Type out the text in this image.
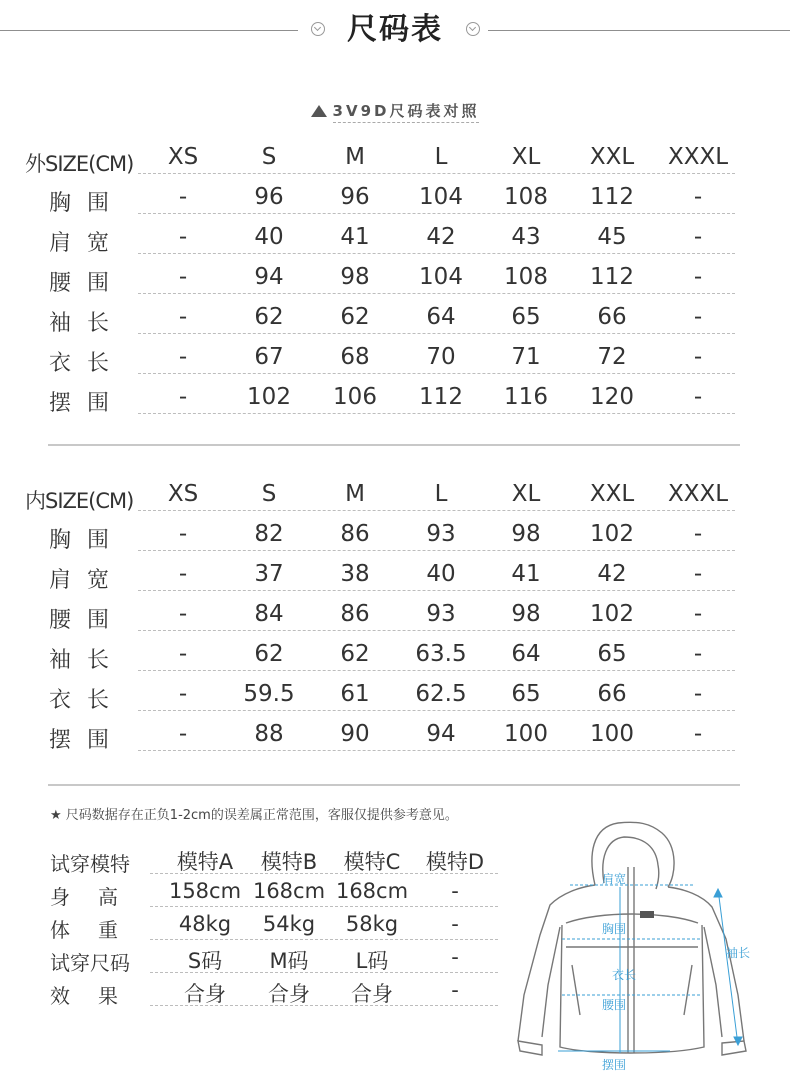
尺码表
3V9D尺码表对照
外SIZE(CM)	XS	S	M	L	XL	XXL	XXXL
胸围	-	96	96	104	108	112	-
肩宽	-	40	41	42	43	45	-
腰围	-	94	98	104	108	112	-
袖长	-	62	62	64	65	66	-
衣长	-	67	68	70	71	72	-
摆围	-	102	106	112	116	120	-
内SIZE(CM)	XS	S	M	L	XL	XXL	XXXL
胸围	-	82	86	93	98	102	-
肩宽	-	37	38	40	41	42	-
腰围	-	84	86	93	98	102	-
袖长	-	62	62	63.5	64	65	-
衣长	-	59.5	61	62.5	65	66	-
摆围	-	88	90	94	100	100	-
★ 尺码数据存在正负1-2cm的误差属正常范围，客服仅提供参考意见。
试穿模特	模特A	模特B	模特C	模特D
身高	158cm 168cm 168cm	-
体重	48kg	54kg	58kg	-
试穿尺码	S码	M码	L码	-
效果	合身	合身	合身	-
肩宽
胸围
衣长
腰围
摆围
袖长
